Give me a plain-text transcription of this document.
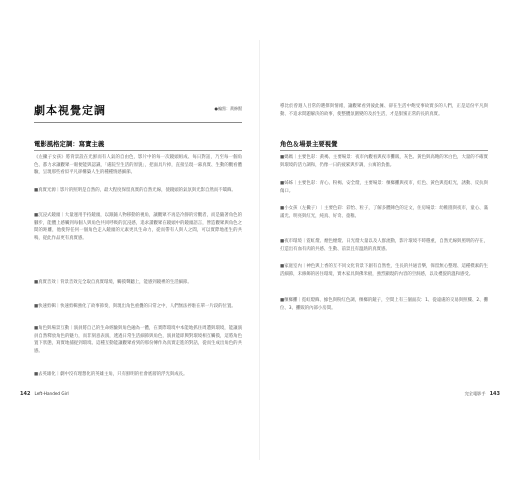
劇本視覺定調	●編寫：黃修賢
電影風格定調：寫實主義
《左撇子女孩》將背景設在光鮮而有人氣的自由色，影片中的每一次鏡頭組成、每日對話，乃至每一個角色、都力求讓觀眾一眼便能與認識，「處院至生活的原貌」，把面具片掉，直接呈現一幕真實、生動的觀看體驗，呈現那些看似平凡卻構築人生的種種情感細節。
■真實光源｜影片的照明是自然的，最大程度保留真實的自然光線，使鏡頭的氣氛與光影自然而不矯飾。
■沉浸式鏡頭｜大量運用手持鏡頭，以跟隨人物移動的視角，讓觀眾不再是冷靜的旁觀者，而是隨著角色的腳步，能體上感觸到每個人與角色共同呼吸的沉浸感，追求讀觀眾在鏡頭中的鏡頭語言，營造觀眾與角色之間的距離，他使得任何一個角色走入鏡頭的元素更具生命力，從而帶有人與人之間，可以實際地產生的共鳴，從此作品更有真實感。
■真實音效｜背景音效完全取自真實環境，觸摸聲聽上，能感到鏡裡的生活細節。
■快速剪輯｜快速剪輯強化了故事節奏，與現出角色重疊的日常之中，人們無法停駐在單一片段的位置。
■角色與場景互動｜演員將自己的生命經驗與角色融為一體，在實際環境中本能地抓住周遭與環境，能讓演員自然釋放角色的魅力，而非刻意表演，透過日常生活細節與角色，演員能即興對環境相互觸摸，這將角色置下狀態，寫實地捕捉到環境、這種互動能讓觀眾看到的那份傳作為真實走進的對話，從而生成出角色的共感。
■去英雄化｜劇中沒有理想化的英雄主角，只有鮮明的社會底層的浮光與成長。
142 Left-Handed Girl
導比於曾週人目常的選擇與情緒，讓觀眾看到彼此擁、卻在生活中飽受事故實多的人們，正是這份平凡與動、不追求問題解決的故事，使整體氛圍變的及於生活，才是甜蜜正常的長的真實。
角色＆場景主要視覺
■媽媽｜主要色彩：黃褐、主要場景：夜市內觀看與夜市攤販，灰色、黃色與高飽的米白色，大量的不確實與環境的活力調和，仍像一日的疲累與步調，公寓的負擔。
■姊姊｜主要色彩：青心、粉褐、安全燈，主要場景：檳榔攤與夜市，紅色、黃色與霓虹光，誘動、反抗與傷口。
■小女孩（左撇子）｜主要色彩：彩怡、粒子，了解多體陳色的定文，住房場景：幼稚園與夜市，童心、滿滿光、明亮與紅光，純真、好奇、童稚。
■夜市環境｜霓虹燈、煙色煙燈、日光燈大量以及人群流動，影片環境不時穩重，自然光線與照明的存在，打造出有血有肉的共感、生動、前景且有溫熱的真實感。
■家庭室內｜神色與上香的互不同文化背景下創有自然性，生長的共通音樂，保留無心整理、這種樸素的生活細節，未修飾的居住環境，實木家具與佛米板，強烈顯現的內容的空洞感，以及禮貌的溫和感受。
■檳榔攤｜霓虹燈飾、綠色與粉紅色調，檳榔的鏡子，空間上有三個面次：1、從遠處的交易與照樓、2、攤位、3、攤販的內部小房間。
完全電影手 143
